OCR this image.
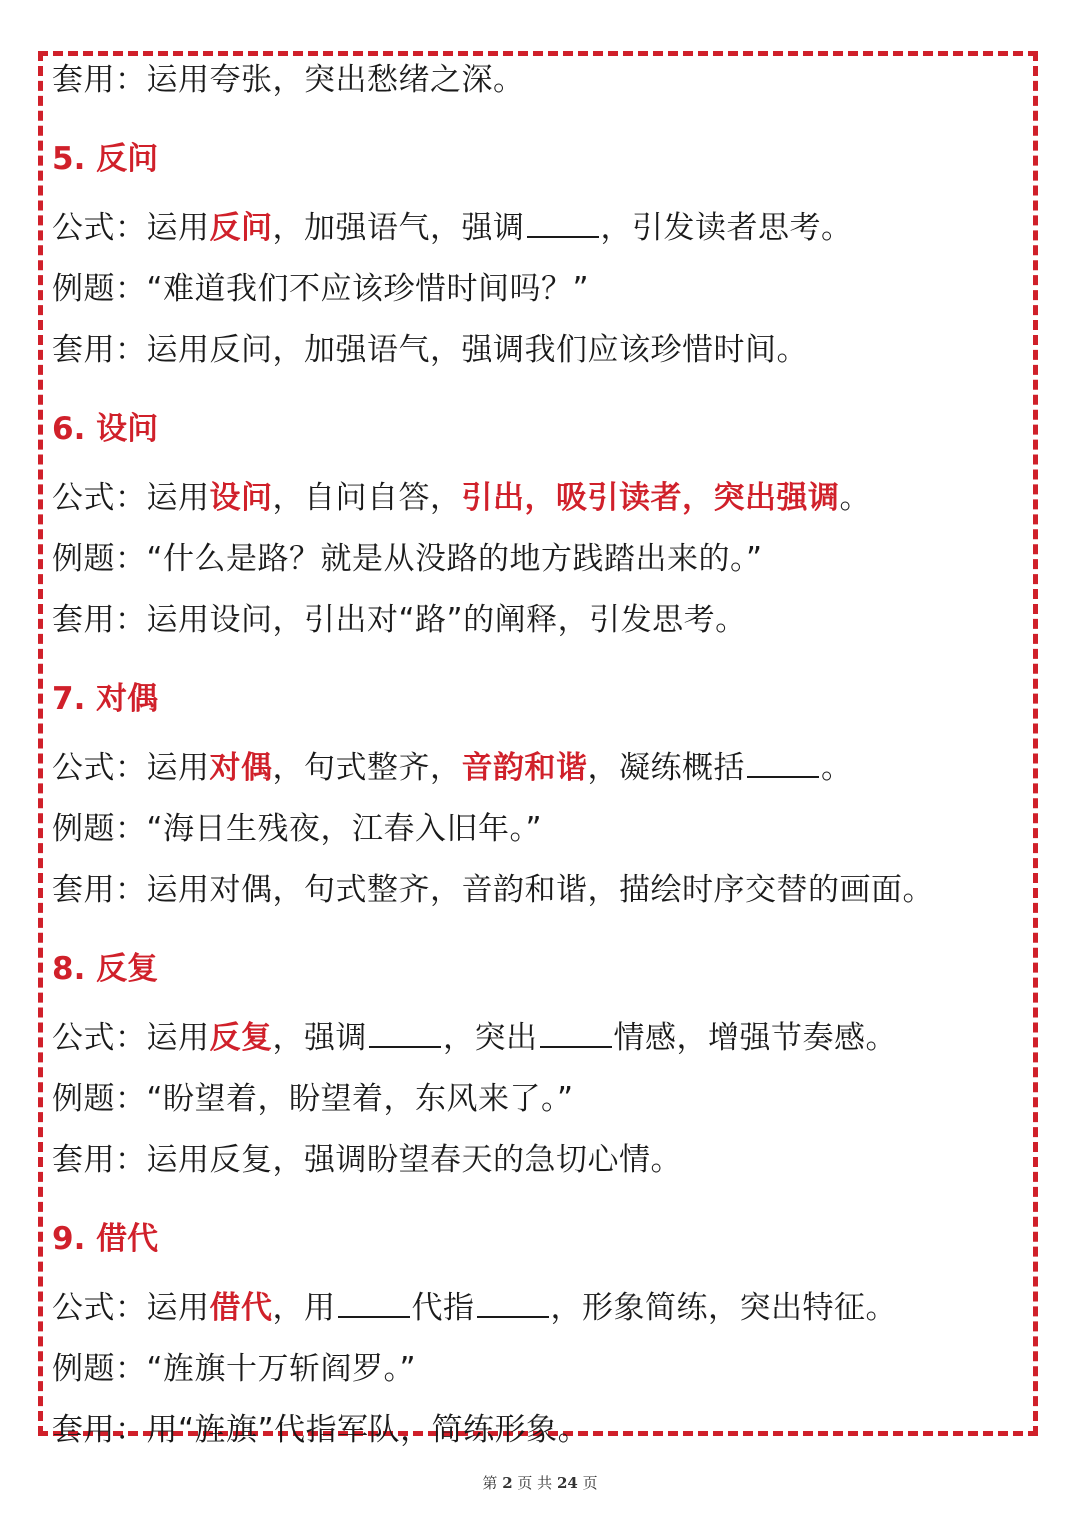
套用：运用夸张，突出愁绪之深。
5. 反问
公式：运用反问，加强语气，强调 ，引发读者思考。
例题：“难道我们不应该珍惜时间吗？”
套用：运用反问，加强语气，强调我们应该珍惜时间。
6. 设问
公式：运用设问，自问自答，引出，吸引读者，突出强调。
例题：“什么是路？就是从没路的地方践踏出来的。”
套用：运用设问，引出对“路”的阐释，引发思考。
7. 对偶
公式：运用对偶，句式整齐，音韵和谐，凝练概括 。
例题：“海日生残夜，江春入旧年。”
套用：运用对偶，句式整齐，音韵和谐，描绘时序交替的画面。
8. 反复
公式：运用反复，强调 ，突出 情感，增强节奏感。
例题：“盼望着，盼望着，东风来了。”
套用：运用反复，强调盼望春天的急切心情。
9. 借代
公式：运用借代，用 代指 ，形象简练，突出特征。
例题：“旌旗十万斩阎罗。”
套用：用“旌旗”代指军队，简练形象。
第 2 页 共 24 页
